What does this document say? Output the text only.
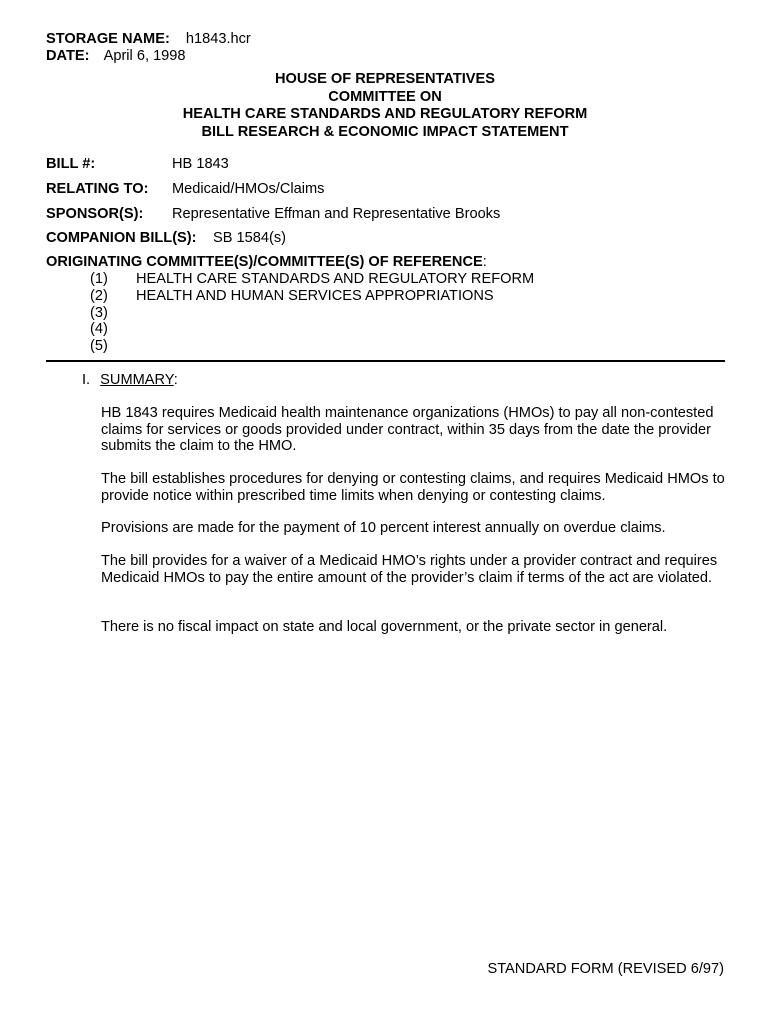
STORAGE NAME: h1843.hcr
DATE: April 6, 1998
HOUSE OF REPRESENTATIVES
COMMITTEE ON
HEALTH CARE STANDARDS AND REGULATORY REFORM
BILL RESEARCH & ECONOMIC IMPACT STATEMENT
BILL #:	HB 1843
RELATING TO: Medicaid/HMOs/Claims
SPONSOR(S): Representative Effman and Representative Brooks
COMPANION BILL(S): SB 1584(s)
ORIGINATING COMMITTEE(S)/COMMITTEE(S) OF REFERENCE:
(1) HEALTH CARE STANDARDS AND REGULATORY REFORM
(2) HEALTH AND HUMAN SERVICES APPROPRIATIONS
(3)
(4)
(5)
I. SUMMARY:
HB 1843 requires Medicaid health maintenance organizations (HMOs) to pay all non-contested claims for services or goods provided under contract, within 35 days from the date the provider submits the claim to the HMO.
The bill establishes procedures for denying or contesting claims, and requires Medicaid HMOs to provide notice within prescribed time limits when denying or contesting claims.
Provisions are made for the payment of 10 percent interest annually on overdue claims.
The bill provides for a waiver of a Medicaid HMO’s rights under a provider contract and requires Medicaid HMOs to pay the entire amount of the provider’s claim if terms of the act are violated.
There is no fiscal impact on state and local government, or the private sector in general.
STANDARD FORM (REVISED 6/97)
